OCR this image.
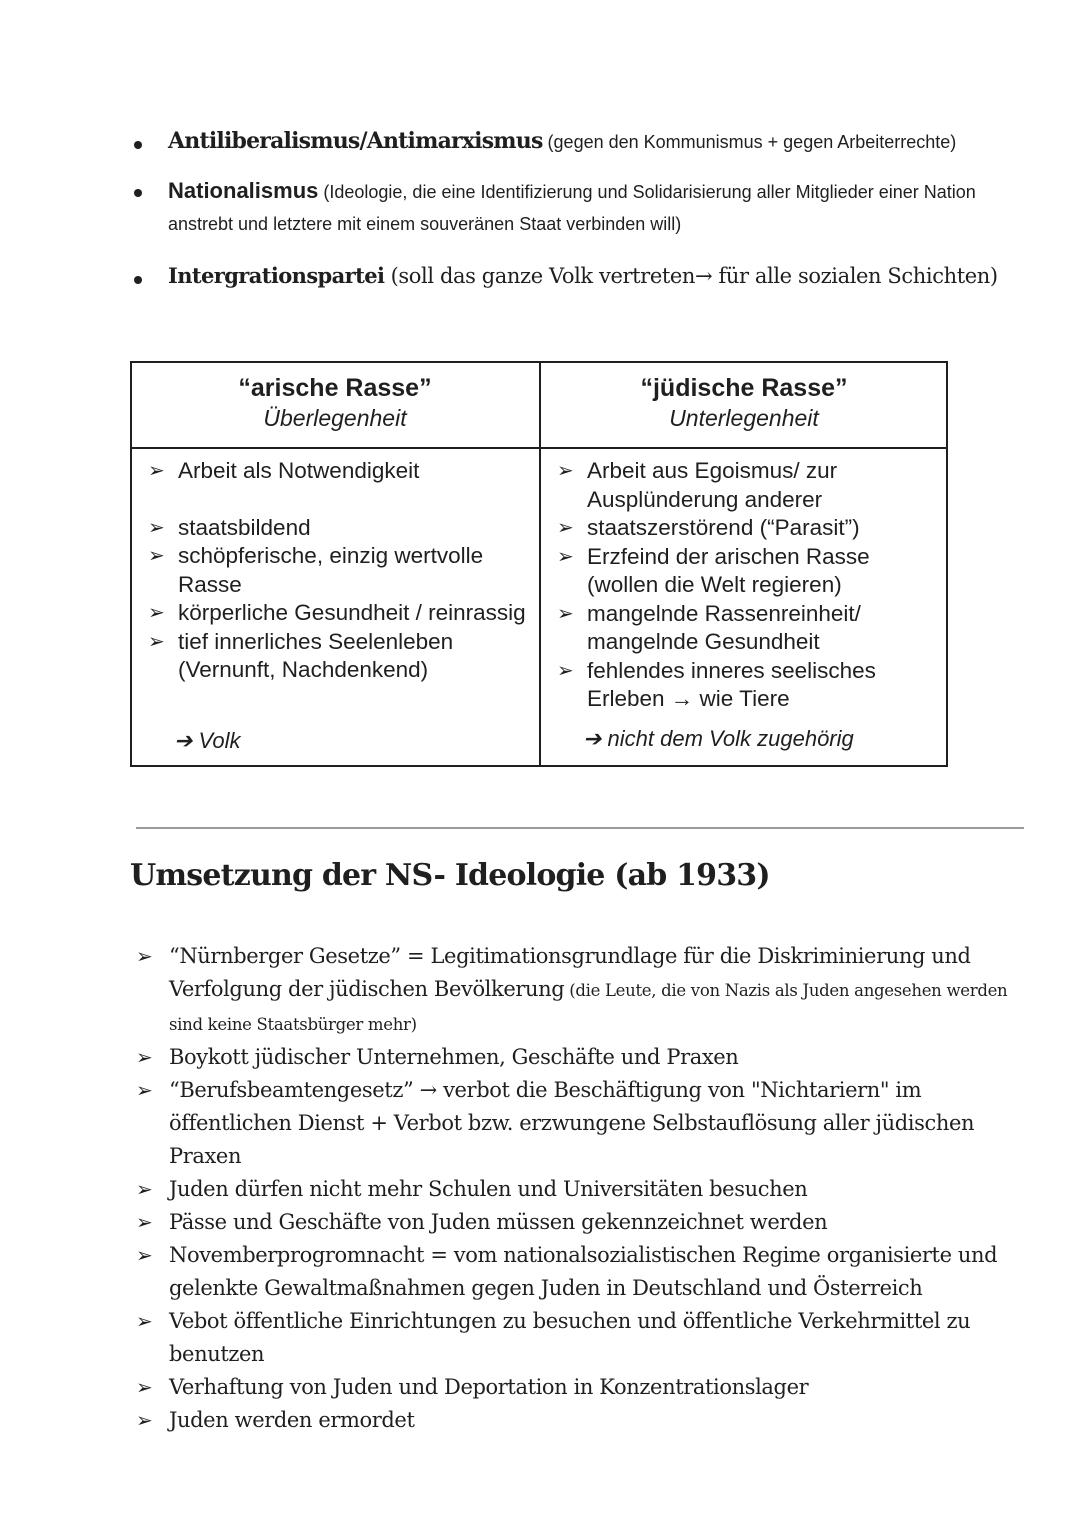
Antiliberalismus/Antimarxismus (gegen den Kommunismus + gegen Arbeiterrechte)
Nationalismus (Ideologie, die eine Identifizierung und Solidarisierung aller Mitglieder einer Nation anstrebt und letztere mit einem souveränen Staat verbinden will)
Intergrationspartei (soll das ganze Volk vertreten→ für alle sozialen Schichten)
“arische Rasse”
Überlegenheit
➢ Arbeit als Notwendigkeit
➢ staatsbildend
➢ schöpferische, einzig wertvolle Rasse
➢ körperliche Gesundheit / reinrassig
➢ tief innerliches Seelenleben (Vernunft, Nachdenkend)
➔ Volk
“jüdische Rasse”
Unterlegenheit
➢ Arbeit aus Egoismus/ zur Ausplünderung anderer
➢ staatszerstörend (“Parasit”)
➢ Erzfeind der arischen Rasse (wollen die Welt regieren)
➢ mangelnde Rassenreinheit/ mangelnde Gesundheit
➢ fehlendes inneres seelisches Erleben → wie Tiere
➔ nicht dem Volk zugehörig
Umsetzung der NS- Ideologie (ab 1933)
➢ “Nürnberger Gesetze” = Legitimationsgrundlage für die Diskriminierung und Verfolgung der jüdischen Bevölkerung (die Leute, die von Nazis als Juden angesehen werden sind keine Staatsbürger mehr)
➢ Boykott jüdischer Unternehmen, Geschäfte und Praxen
➢ “Berufsbeamtengesetz” → verbot die Beschäftigung von "Nichtariern" im öffentlichen Dienst + Verbot bzw. erzwungene Selbstauflösung aller jüdischen Praxen
➢ Juden dürfen nicht mehr Schulen und Universitäten besuchen
➢ Pässe und Geschäfte von Juden müssen gekennzeichnet werden
➢ Novemberprogromnacht = vom nationalsozialistischen Regime organisierte und gelenkte Gewaltmaßnahmen gegen Juden in Deutschland und Österreich
➢ Vebot öffentliche Einrichtungen zu besuchen und öffentliche Verkehrmittel zu benutzen
➢ Verhaftung von Juden und Deportation in Konzentrationslager
➢ Juden werden ermordet
